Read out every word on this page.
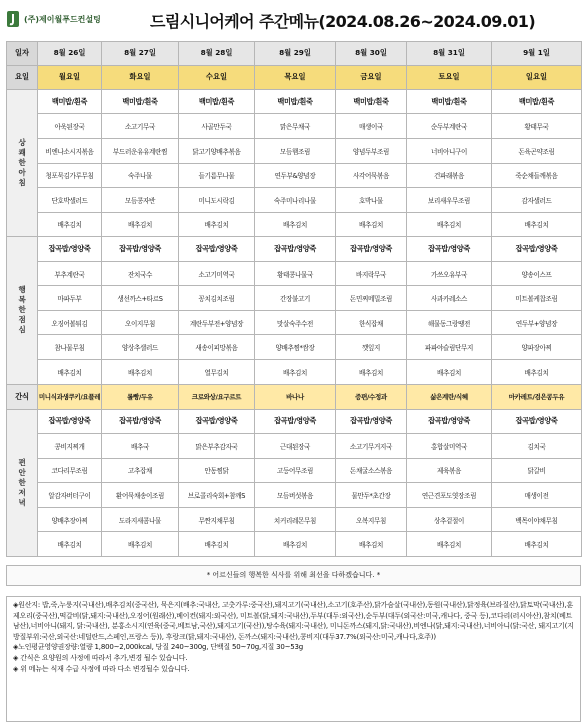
(주)제이월푸드컨설팅	드림시니어케어 주간메뉴(2024.08.26~2024.09.01)
일자	8월 26일	8월 27일	8월 28일	8월 29일	8월 30일	8월 31일	9월 1일
요일	월요일	화요일	수요일	목요일	금요일	토요일	일요일

상
쾌
한
아
침	백미밥/흰죽	백미밥/흰죽	백미밥/흰죽	백미밥/흰죽	백미밥/흰죽	백미밥/흰죽	백미밥/흰죽
	아욱된장국	소고기무국	사골만두국	맑은무채국	매생이국	순두부계란국	황태무국
	비엔나소시지볶음	부드러운유유계란찜	닭고기양배추볶음	모듬햄조림	양념두부조림	너비아니구이	돈육곤약조림
	청포묵김가루무침	숙주나물	들기름무나물	연두부&양념장	사각어묵볶음	건파래볶음	죽순채들깨볶음
	단호박샐러드	모듬콩자반	미니도시락김	숙주미나리나물	호박나물	보리새우무조림	감자샐러드
	배추김치	배추김치	배추김치	배추김치	배추김치	배추김치	배추김치

행
복
한
점
심	잡곡밥/영양죽	잡곡밥/영양죽	잡곡밥/영양죽	잡곡밥/영양죽	잡곡밥/영양죽	잡곡밥/영양죽	잡곡밥/영양죽
	부추계란국	잔치국수	소고기미역국	황태콩나물국	바지락무국	가쓰오유부국	양송이스프
	마파두부	생선까스+타르S	꽁치김치조림	간장불고기	돈민찌메밀조림	사과카레소스	미트볼케찹조림
	오징어볼튀김	오이지무침	계란두부전+양념장	맛살숙주수전	한식잡채	해물동그랑땡전	연두부+양념장
	참나물무침	양상추샐러드	새송이피망볶음	양배추찜*쌈장	깻잎지	파파야슬림단무지	양파장아찌
	배추김치	배추김치	열무김치	배추김치	배추김치	배추김치	배추김치
간식	미니식과생쿠키/요플레	롤빵/두유	크로와상/요구르트	바나나	증편/수정과	삶은계란/식혜	마카레트/검은콩두유

편
안
한
저
녁	잡곡밥/영양죽	잡곡밥/영양죽	잡곡밥/영양죽	잡곡밥/영양죽	잡곡밥/영양죽	잡곡밥/영양죽	잡곡밥/영양죽
	콩비지찌개	배추국	맑은부추감자국	근대된장국	소고기무거지국	홍합살미역국	김치국
	코다리무조림	고추잡채	안동찜닭	고등어무조림	돈채굴소스볶음	제육볶음	닭갈비
	알감자버터구이	환어묵채송이조림	브로콜리숙회+참깨S	모듬버섯볶음	물만두*초간장	연근견포도엿장조림	매생이전
	양배추장아찌	도라지새콤나물	무짠지채무침	치커리레몬무침	오복지무침	상추겉절이	백목이야채무침
	배추김치	배추김치	배추김치	배추김치	배추김치	배추김치	배추김치
* 어르신들의 행복한 식사를 위해 최선을 다하겠습니다. *

◈원산지: 밥,죽,누룽지(국내산),배추김치(중국산), 묵은지(배추:국내산, 고춧가루:중국산),돼지고기(국내산),소고기(호주산),닭가슴살(국내산),동원(국내산),닭정육(브라질산),닭토막(국내산),훈제오리(중국산),떡갈비(닭,돼지:국내산),오징어(원래산),베이컨(돼지:외국산), 미트볼(닭,돼지:국내산),두부(대두:외국산),순두부(대두(외국산:미국,캐나다, 중국 등),코다리(러시아산),참치(베트남산),너비아니(돼지, 닭:국내산), 분홍소시지(연육(중국,베트남,국산),돼지고기(국산)),탕수육(돼지:국내산), 미니돈까스(돼지,닭:국내산),비엔나(닭,돼지:국내산),너비아니(닭:국산, 돼지고기(지방질부위:국산,외국산:네덜란드,스페인,프랑스 등)), 후랑크(닭,돼지:국내산), 돈까스(돼지:국내산),콩비지(대두37.7%(외국산:미국,캐나다,호주))

◈노인평균영양권장량:열량 1,800~2,000kcal, 당질 240~300g, 단백질 50~70g,지질 30~53g

◈ 간식은 요양원의 사정에 따라서 추가,변경 될수 있습니다.

◈ 위 메뉴는 식재 수급 사정에 따라 다소 변경될수 있습니다.
